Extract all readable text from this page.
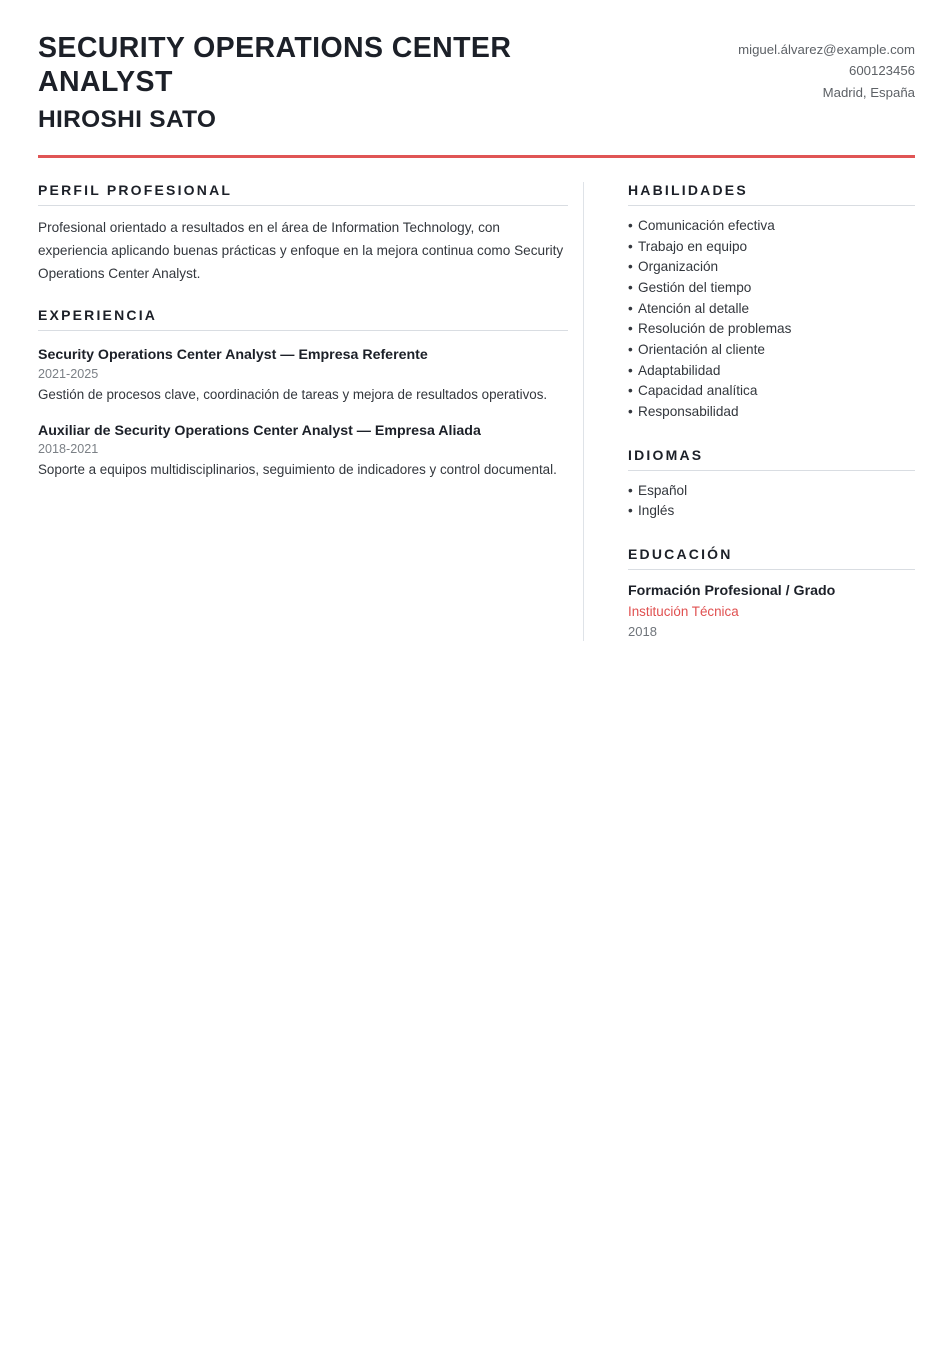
SECURITY OPERATIONS CENTER ANALYST
HIROSHI SATO
miguel.álvarez@example.com
600123456
Madrid, España
PERFIL PROFESIONAL

Profesional orientado a resultados en el área de Information Technology, con experiencia aplicando buenas prácticas y enfoque en la mejora continua como Security Operations Center Analyst.

EXPERIENCIA
Security Operations Center Analyst — Empresa Referente
2021-2025
Gestión de procesos clave, coordinación de tareas y mejora de resultados operativos.
Auxiliar de Security Operations Center Analyst — Empresa Aliada
2018-2021
Soporte a equipos multidisciplinarios, seguimiento de indicadores y control documental.
HABILIDADES
• Comunicación efectiva
• Trabajo en equipo
• Organización
• Gestión del tiempo
• Atención al detalle
• Resolución de problemas
• Orientación al cliente
• Adaptabilidad
• Capacidad analítica
• Responsabilidad
IDIOMAS
• Español
• Inglés
EDUCACIÓN
Formación Profesional / Grado
Institución Técnica
2018
